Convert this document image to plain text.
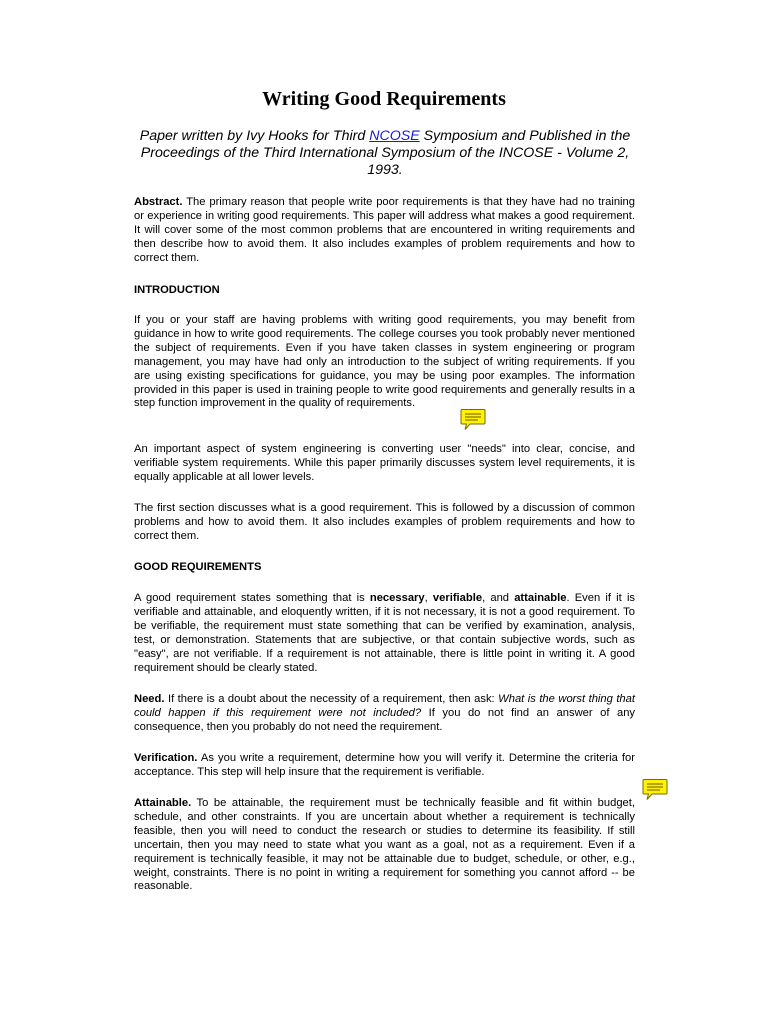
Writing Good Requirements

Paper written by Ivy Hooks for Third NCOSE Symposium and Published in the Proceedings of the Third International Symposium of the INCOSE - Volume 2, 1993.

Abstract. The primary reason that people write poor requirements is that they have had no training or experience in writing good requirements. This paper will address what makes a good requirement. It will cover some of the most common problems that are encountered in writing requirements and then describe how to avoid them. It also includes examples of problem requirements and how to correct them.

INTRODUCTION

If you or your staff are having problems with writing good requirements, you may benefit from guidance in how to write good requirements. The college courses you took probably never mentioned the subject of requirements. Even if you have taken classes in system engineering or program management, you may have had only an introduction to the subject of writing requirements. If you are using existing specifications for guidance, you may be using poor examples. The information provided in this paper is used in training people to write good requirements and generally results in a step function improvement in the quality of requirements.

An important aspect of system engineering is converting user "needs" into clear, concise, and verifiable system requirements. While this paper primarily discusses system level requirements, it is equally applicable at all lower levels.

The first section discusses what is a good requirement. This is followed by a discussion of common problems and how to avoid them. It also includes examples of problem requirements and how to correct them.

GOOD REQUIREMENTS

A good requirement states something that is necessary, verifiable, and attainable. Even if it is verifiable and attainable, and eloquently written, if it is not necessary, it is not a good requirement. To be verifiable, the requirement must state something that can be verified by examination, analysis, test, or demonstration. Statements that are subjective, or that contain subjective words, such as "easy", are not verifiable. If a requirement is not attainable, there is little point in writing it. A good requirement should be clearly stated.

Need. If there is a doubt about the necessity of a requirement, then ask: What is the worst thing that could happen if this requirement were not included? If you do not find an answer of any consequence, then you probably do not need the requirement.

Verification. As you write a requirement, determine how you will verify it. Determine the criteria for acceptance. This step will help insure that the requirement is verifiable.

Attainable. To be attainable, the requirement must be technically feasible and fit within budget, schedule, and other constraints. If you are uncertain about whether a requirement is technically feasible, then you will need to conduct the research or studies to determine its feasibility. If still uncertain, then you may need to state what you want as a goal, not as a requirement. Even if a requirement is technically feasible, it may not be attainable due to budget, schedule, or other, e.g., weight, constraints. There is no point in writing a requirement for something you cannot afford -- be reasonable.
